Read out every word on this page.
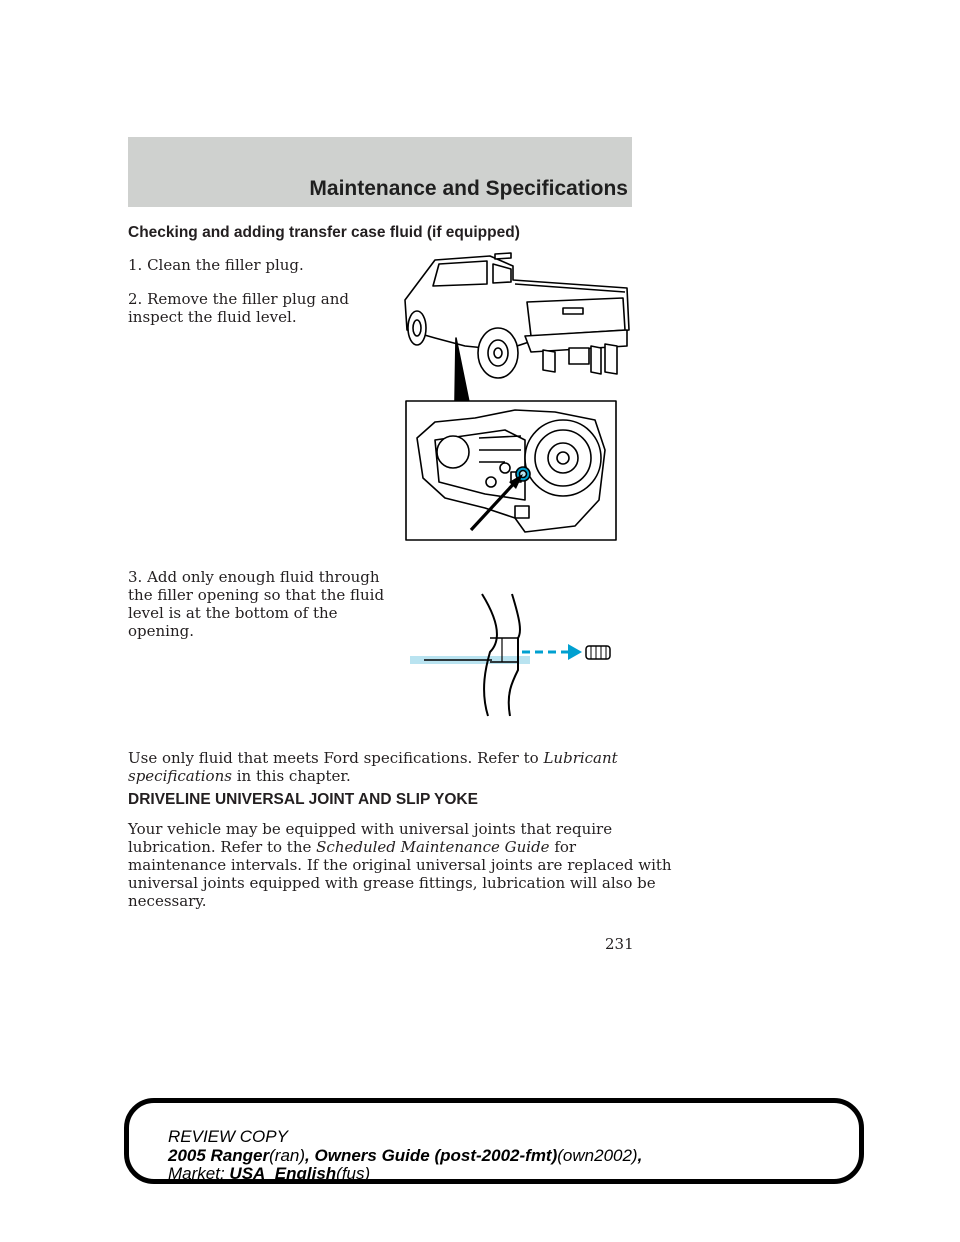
Maintenance and Specifications
Checking and adding transfer case fluid (if equipped)
1. Clean the filler plug.
2. Remove the filler plug and
inspect the fluid level.
3. Add only enough fluid through
the filler opening so that the fluid
level is at the bottom of the
opening.
Use only fluid that meets Ford specifications. Refer to Lubricant
specifications in this chapter.
DRIVELINE UNIVERSAL JOINT AND SLIP YOKE
Your vehicle may be equipped with universal joints that require
lubrication. Refer to the Scheduled Maintenance Guide for
maintenance intervals. If the original universal joints are replaced with
universal joints equipped with grease fittings, lubrication will also be
necessary.
231
REVIEW COPY
2005 Ranger(ran), Owners Guide (post-2002-fmt)(own2002),
Market: USA_English(fus)
